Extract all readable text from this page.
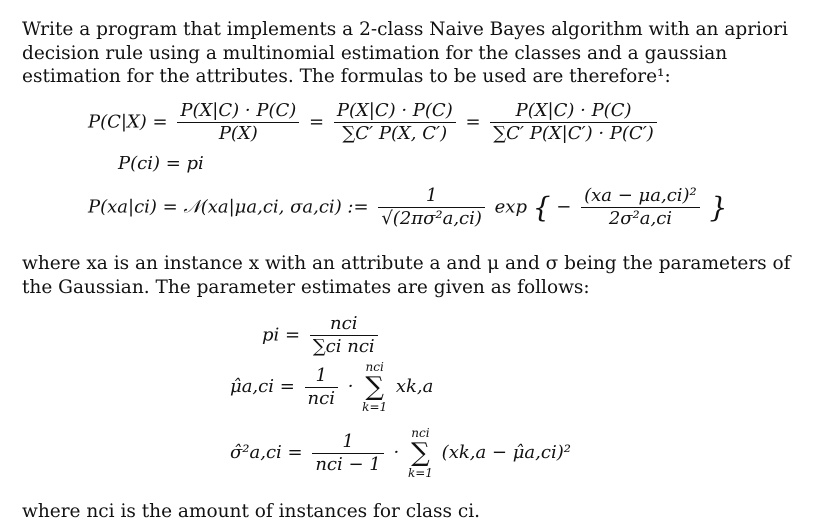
Write a program that implements a 2-class Naive Bayes algorithm with an apriori decision rule using a multinomial estimation for the classes and a gaussian estimation for the attributes. The formulas to be used are therefore¹:
$P(C|X) = \frac{P(X|C) \cdot P(C)}{P(X)} = \frac{P(X|C) \cdot P(C)}{\sum C' P(X, C')} = \frac{P(X|C) \cdot P(C)}{\sum C' P(X|C') \cdot P(C')}$
P(ci) = pi
P(xa|ci) = 𝒩(xa|μa,ci, σa,ci) := $\frac{1}{\text{√(2πσ²a,ci)}}$ exp { − $\frac{\text{(xa − μa,ci)²}}{\text{2σ²a,ci}}$ }
where xa is an instance x with an attribute a and μ and σ being the parameters of the Gaussian. The parameter estimates are given as follows:
pi = $\frac{\text{nci}}{\text{∑ci nci}}$
μ̂a,ci = $\frac{1}{\text{nci}}$ ·
nci
∑
k=1
xk,a
σ̂²a,ci = $\frac{1}{\text{nci − 1}}$ ·
nci
∑
k=1
(xk,a − μ̂a,ci)²
where nci is the amount of instances for class ci.
